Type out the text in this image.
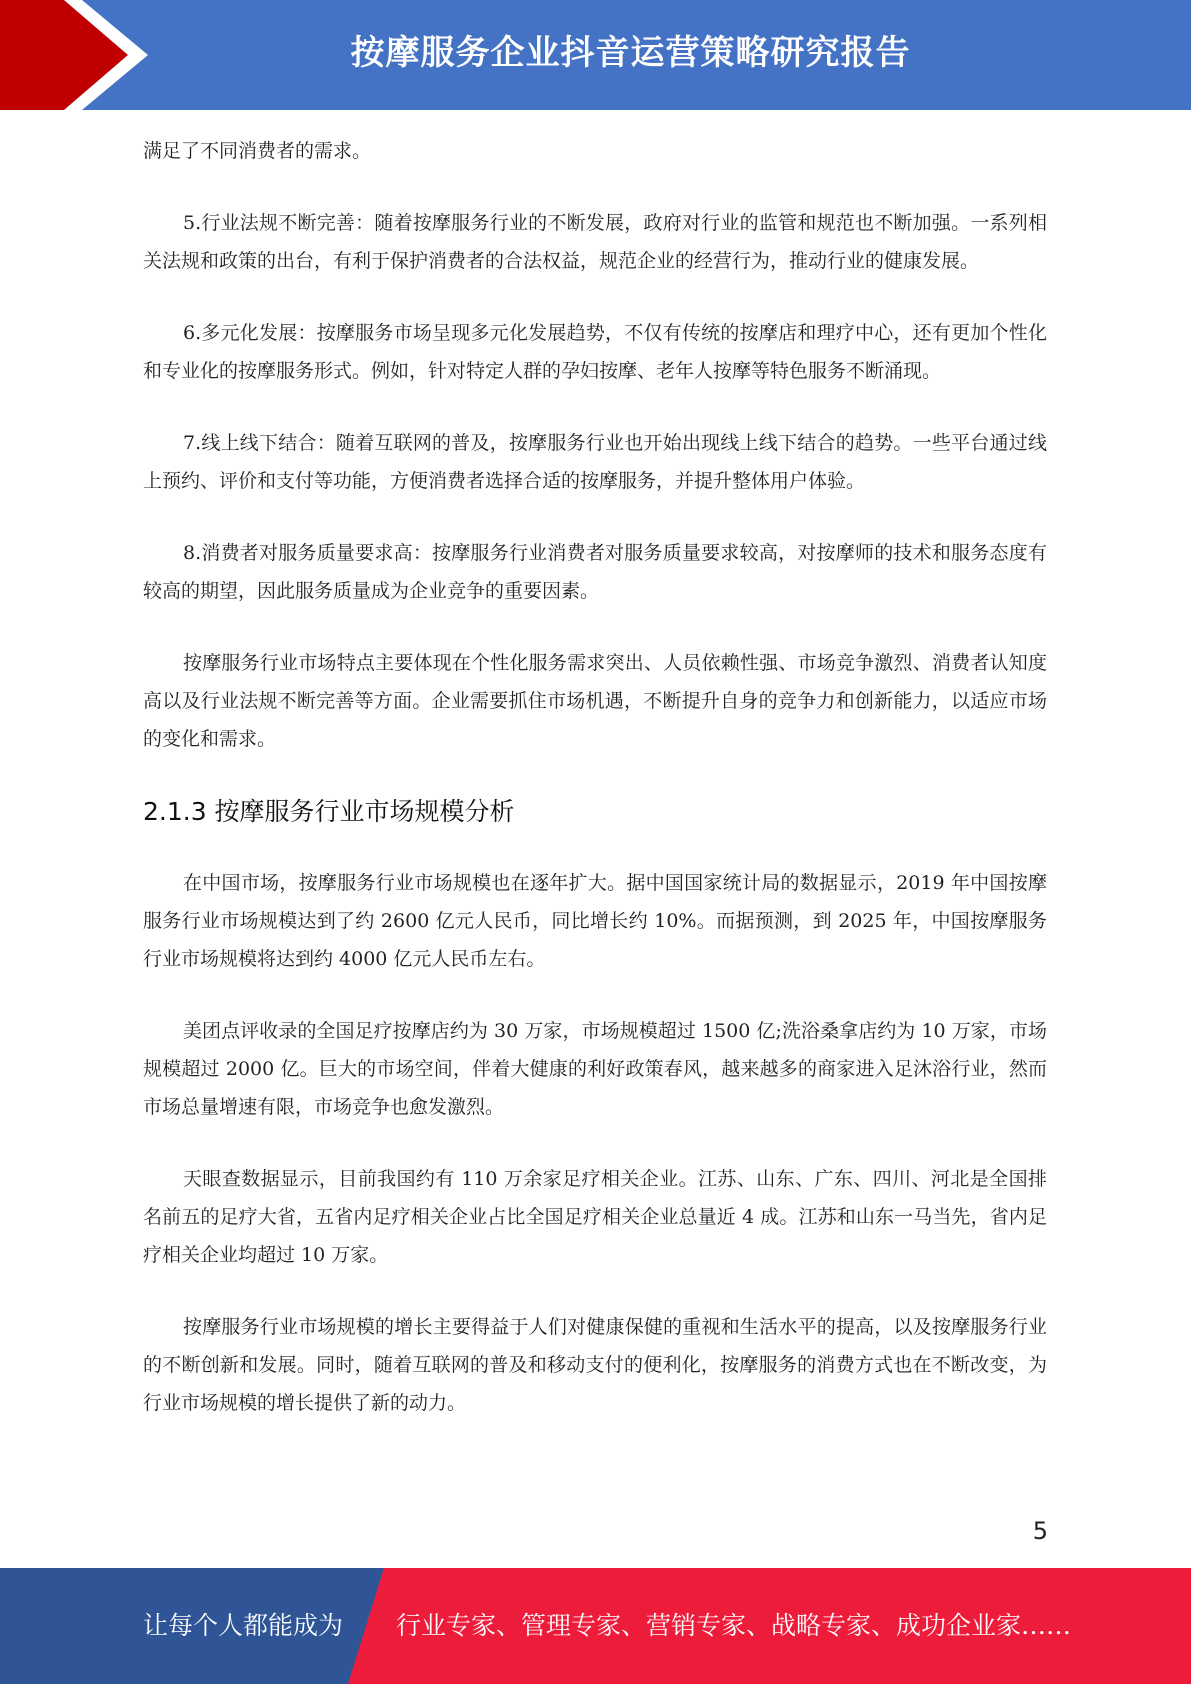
按摩服务企业抖音运营策略研究报告

满足了不同消费者的需求。

5.行业法规不断完善：随着按摩服务行业的不断发展，政府对行业的监管和规范也不断加强。一系列相关法规和政策的出台，有利于保护消费者的合法权益，规范企业的经营行为，推动行业的健康发展。

6.多元化发展：按摩服务市场呈现多元化发展趋势，不仅有传统的按摩店和理疗中心，还有更加个性化和专业化的按摩服务形式。例如，针对特定人群的孕妇按摩、老年人按摩等特色服务不断涌现。

7.线上线下结合：随着互联网的普及，按摩服务行业也开始出现线上线下结合的趋势。一些平台通过线上预约、评价和支付等功能，方便消费者选择合适的按摩服务，并提升整体用户体验。

8.消费者对服务质量要求高：按摩服务行业消费者对服务质量要求较高，对按摩师的技术和服务态度有较高的期望，因此服务质量成为企业竞争的重要因素。

按摩服务行业市场特点主要体现在个性化服务需求突出、人员依赖性强、市场竞争激烈、消费者认知度高以及行业法规不断完善等方面。企业需要抓住市场机遇，不断提升自身的竞争力和创新能力，以适应市场的变化和需求。

2.1.3 按摩服务行业市场规模分析

在中国市场，按摩服务行业市场规模也在逐年扩大。据中国国家统计局的数据显示，2019 年中国按摩服务行业市场规模达到了约 2600 亿元人民币，同比增长约 10%。而据预测，到 2025 年，中国按摩服务行业市场规模将达到约 4000 亿元人民币左右。

美团点评收录的全国足疗按摩店约为 30 万家，市场规模超过 1500 亿;洗浴桑拿店约为 10 万家，市场规模超过 2000 亿。巨大的市场空间，伴着大健康的利好政策春风，越来越多的商家进入足沐浴行业，然而市场总量增速有限，市场竞争也愈发激烈。

天眼查数据显示，目前我国约有 110 万余家足疗相关企业。江苏、山东、广东、四川、河北是全国排名前五的足疗大省，五省内足疗相关企业占比全国足疗相关企业总量近 4 成。江苏和山东一马当先，省内足疗相关企业均超过 10 万家。

按摩服务行业市场规模的增长主要得益于人们对健康保健的重视和生活水平的提高，以及按摩服务行业的不断创新和发展。同时，随着互联网的普及和移动支付的便利化，按摩服务的消费方式也在不断改变，为行业市场规模的增长提供了新的动力。

5
让每个人都能成为 行业专家、管理专家、营销专家、战略专家、成功企业家……
